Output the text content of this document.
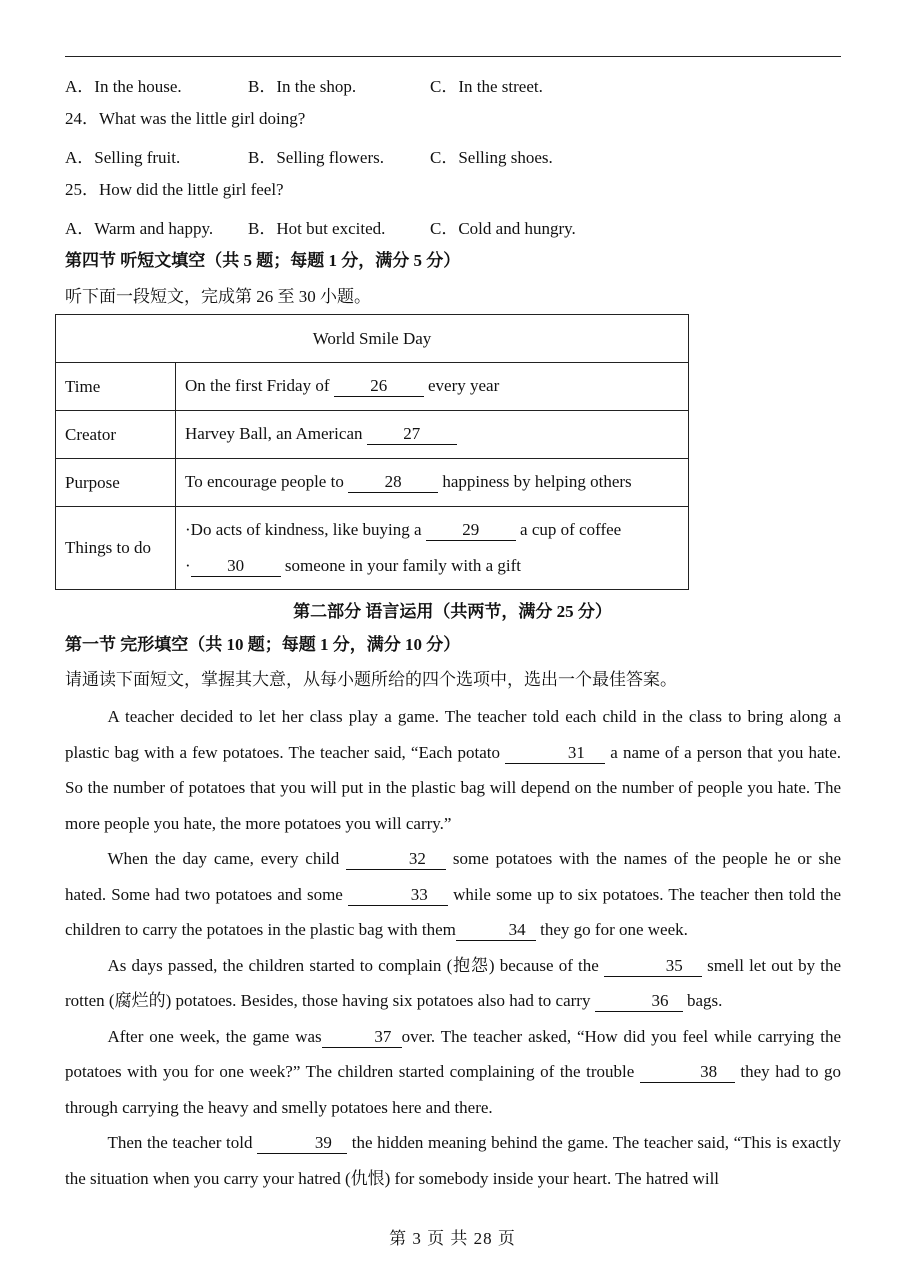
A．In the house.	B．In the shop.	C．In the street.
24．What was the little girl doing?
A．Selling fruit.	B．Selling flowers.	C．Selling shoes.
25．How did the little girl feel?
A．Warm and happy. B．Hot but excited.	C．Cold and hungry.
第四节 听短文填空（共 5 题；每题 1 分，满分 5 分）
听下面一段短文，完成第 26 至 30 小题。
World Smile Day	
Time	On the first Friday of 26 every year
Creator	Harvey Ball, an American 27
Purpose	To encourage people to 28 happiness by helping others
Things to do	·Do acts of kindness, like buying a 29 a cup of coffee
· 30 someone in your family with a gift
第二部分 语言运用（共两节，满分 25 分）
第一节 完形填空（共 10 题；每题 1 分，满分 10 分）
请通读下面短文，掌握其大意，从每小题所给的四个选项中，选出一个最佳答案。

A teacher decided to let her class play a game. The teacher told each child in the class to bring along a plastic bag with a few potatoes. The teacher said, “Each potato	31 a name of a person that you hate. So the number of potatoes that you will put in the plastic bag will depend on the number of people you hate. The more people you hate, the more potatoes you will carry.”

When the day came, every child	32 some potatoes with the names of the people he or she hated. Some had two potatoes and some	33 while some up to six potatoes. The teacher then told the children to carry the potatoes in the plastic bag with them	34 they go for one week.

As days passed, the children started to complain (抱怨) because of the	35 smell let out by the rotten (腐烂的) potatoes. Besides, those having six potatoes also had to carry	36 bags.

After one week, the game was	37 over. The teacher asked, “How did you feel while carrying the potatoes with you for one week?” The children started complaining of the trouble	38 they had to go through carrying the heavy and smelly potatoes here and there.

Then the teacher told	39 the hidden meaning behind the game. The teacher said, “This is exactly the situation when you carry your hatred (仇恨) for somebody inside your heart. The hatred will

第 3 页 共 28 页
